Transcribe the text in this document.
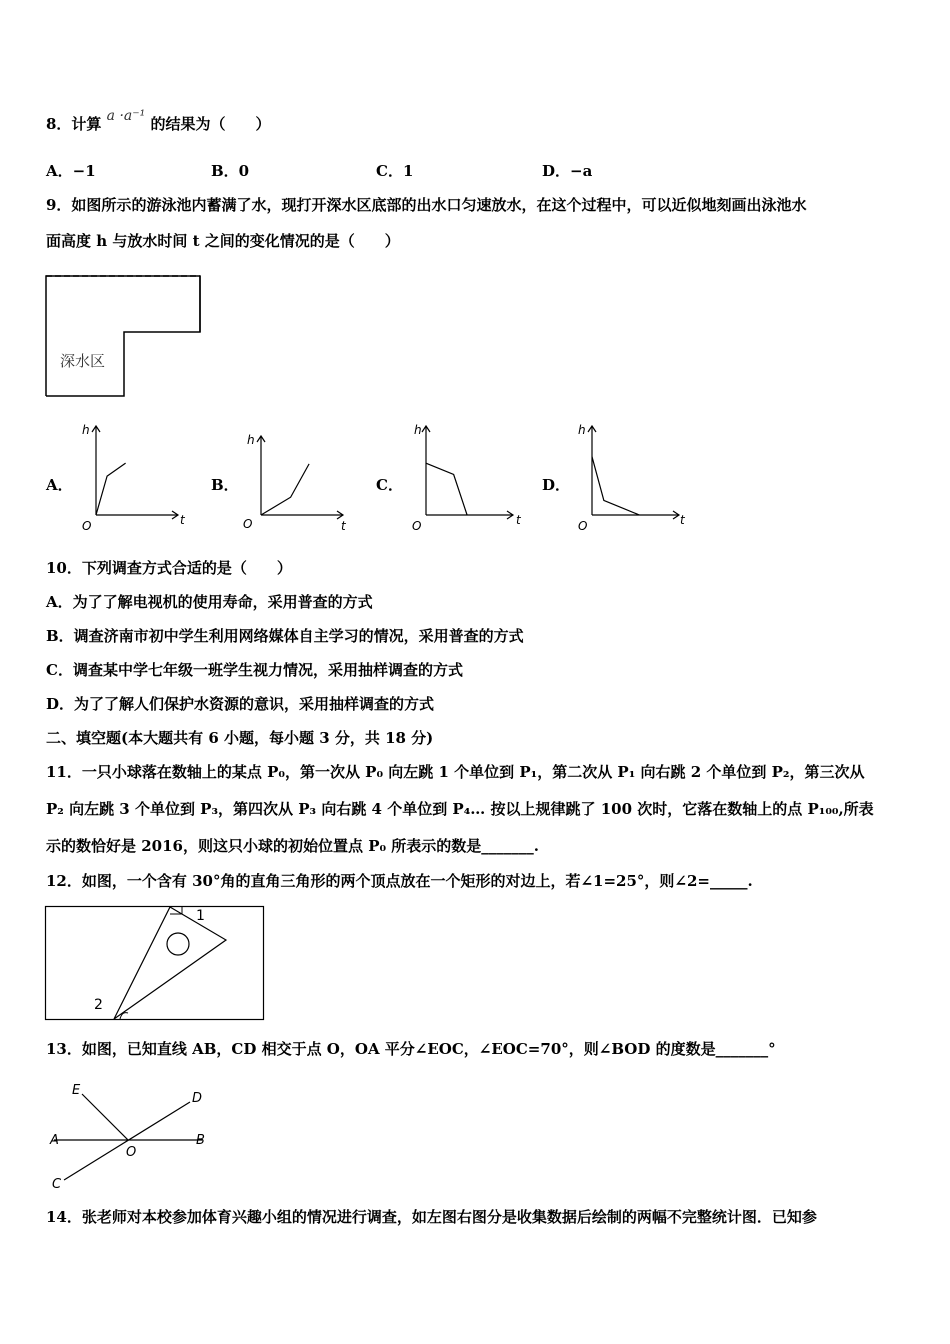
8．计算 a ·a⁻¹ 的结果为（　　）
A．−1	B．0	C．1	D．−a
9．如图所示的游泳池内蓄满了水，现打开深水区底部的出水口匀速放水，在这个过程中，可以近似地刻画出泳池水
面高度 h 与放水时间 t 之间的变化情况的是（　　）
深水区
A．	B．	C．	D．
h
t
O
h
t
O
h
t
O
h
t
O
10．下列调查方式合适的是（　　）
A．为了了解电视机的使用寿命，采用普查的方式
B．调查济南市初中学生利用网络媒体自主学习的情况，采用普查的方式
C．调查某中学七年级一班学生视力情况，采用抽样调查的方式
D．为了了解人们保护水资源的意识，采用抽样调查的方式
二、填空题(本大题共有 6 小题，每小题 3 分，共 18 分)
11．一只小球落在数轴上的某点 P₀，第一次从 P₀ 向左跳 1 个单位到 P₁，第二次从 P₁ 向右跳 2 个单位到 P₂，第三次从
P₂ 向左跳 3 个单位到 P₃，第四次从 P₃ 向右跳 4 个单位到 P₄… 按以上规律跳了 100 次时，它落在数轴上的点 P₁₀₀,所表
示的数恰好是 2016，则这只小球的初始位置点 P₀ 所表示的数是_______.
12．如图，一个含有 30°角的直角三角形的两个顶点放在一个矩形的对边上，若∠1=25°，则∠2=_____.
1
2
13．如图，已知直线 AB，CD 相交于点 O，OA 平分∠EOC，∠EOC=70°，则∠BOD 的度数是_______°
E
D
A
O
B
C
14．张老师对本校参加体育兴趣小组的情况进行调查，如左图右图分是收集数据后绘制的两幅不完整统计图．已知参
